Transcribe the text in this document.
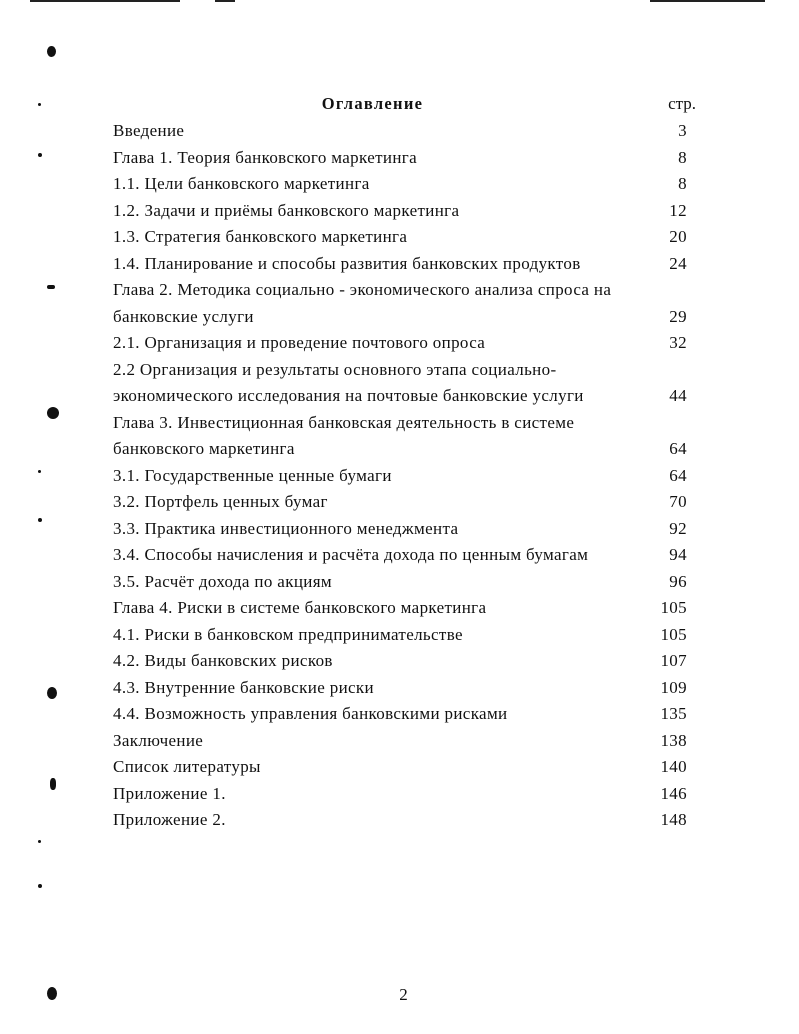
Оглавление	стр.
Введение	3
Глава 1. Теория банковского маркетинга	8
1.1. Цели банковского маркетинга	8
1.2. Задачи и приёмы банковского маркетинга	12
1.3. Стратегия банковского маркетинга	20
1.4. Планирование и способы развития банковских продуктов	24
Глава 2. Методика социально - экономического анализа спроса на банковские услуги	29
2.1. Организация и проведение почтового опроса	32
2.2 Организация и результаты основного этапа социально-экономического исследования на почтовые банковские услуги	44
Глава 3. Инвестиционная банковская деятельность в системе банковского маркетинга	64
3.1. Государственные ценные бумаги	64
3.2. Портфель ценных бумаг	70
3.3. Практика инвестиционного менеджмента	92
3.4. Способы начисления и расчёта дохода по ценным бумагам	94
3.5. Расчёт дохода по акциям	96
Глава 4. Риски в системе банковского маркетинга	105
4.1. Риски в банковском предпринимательстве	105
4.2. Виды банковских рисков	107
4.3. Внутренние банковские риски	109
4.4. Возможность управления банковскими рисками	135
Заключение	138
Список литературы	140
Приложение 1.	146
Приложение 2.	148
2
